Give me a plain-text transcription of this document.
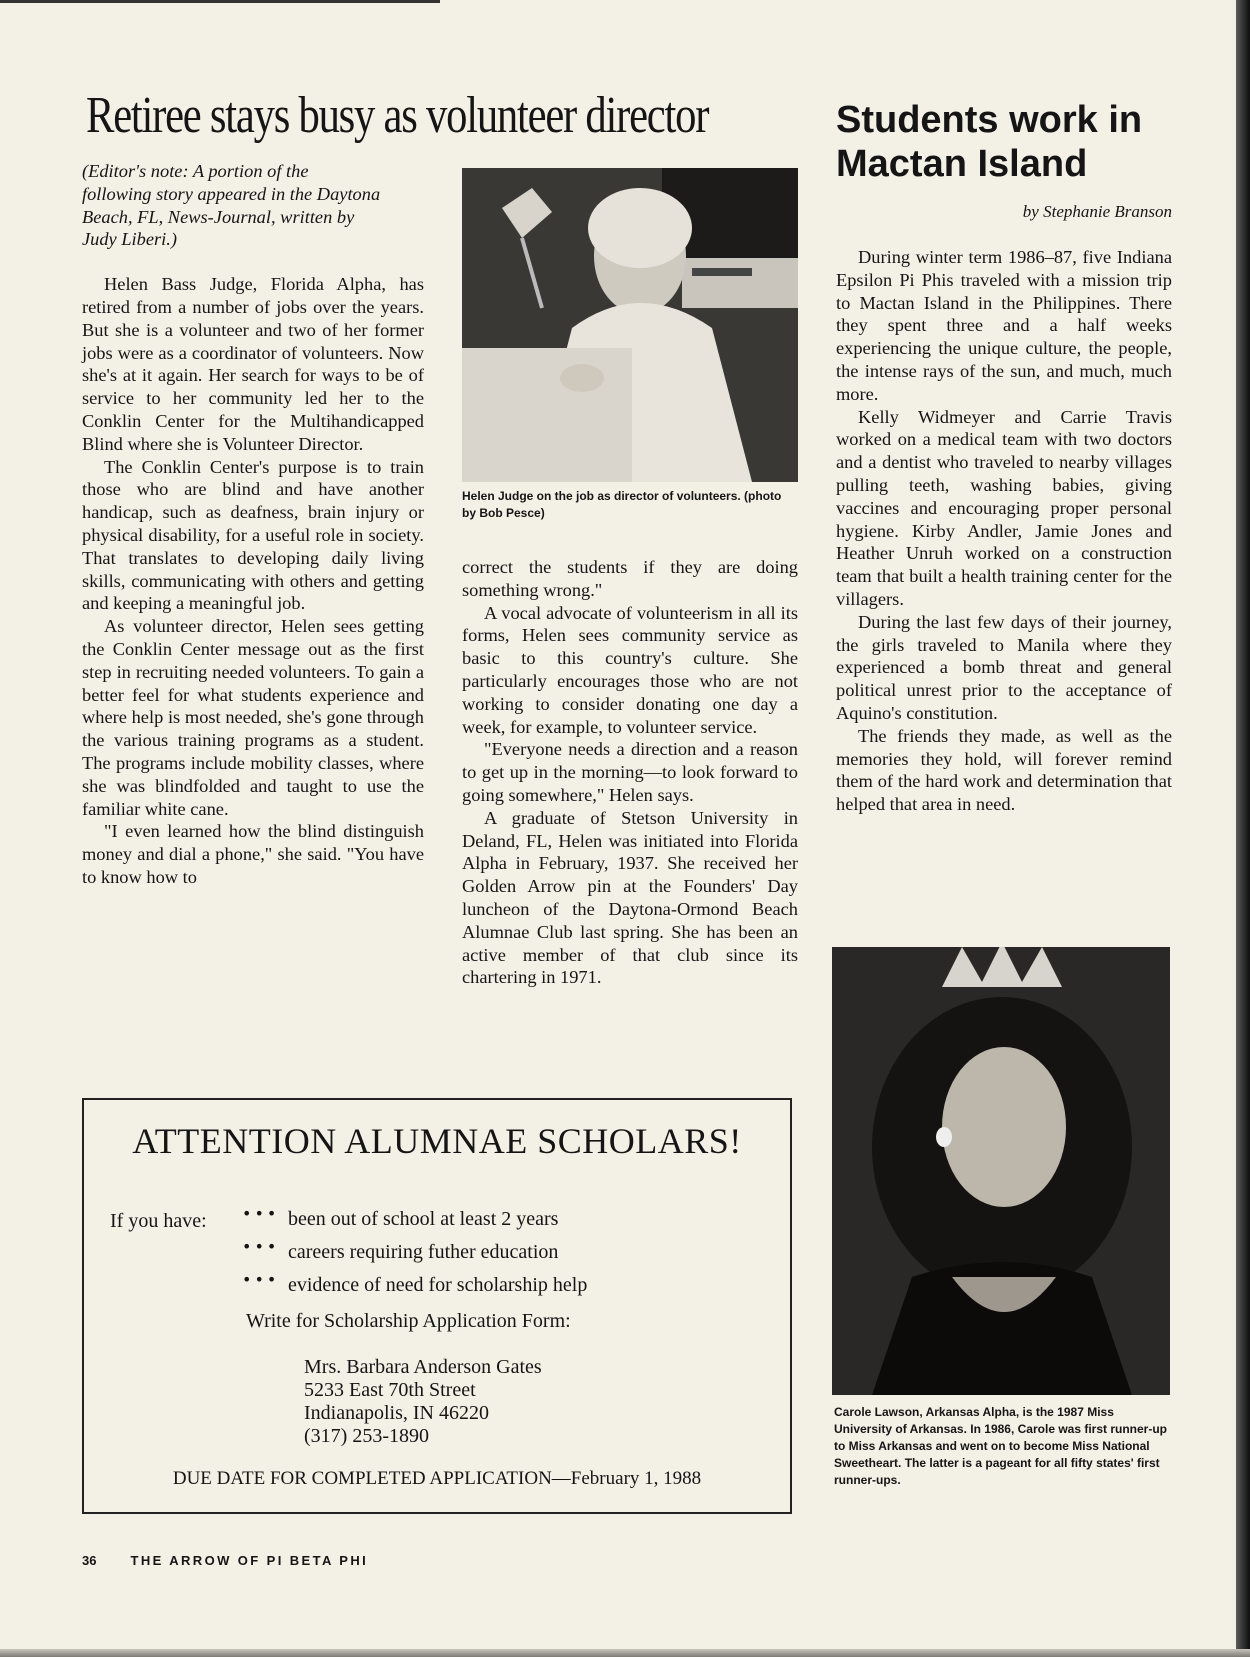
Retiree stays busy as volunteer director	Students work in Mactan Island
by Stephanie Branson

(Editor's note: A portion of the following story appeared in the Daytona Beach, FL, News-Journal, written by Judy Liberi.)

Helen Bass Judge, Florida Alpha, has retired from a number of jobs over the years. But she is a volunteer and two of her former jobs were as a coordinator of volunteers. Now she's at it again. Her search for ways to be of service to her community led her to the Conklin Center for the Multihandicapped Blind where she is Volunteer Director.

The Conklin Center's purpose is to train those who are blind and have another handicap, such as deafness, brain injury or physical disability, for a useful role in society. That translates to developing daily living skills, communicating with others and getting and keeping a meaningful job.

As volunteer director, Helen sees getting the Conklin Center message out as the first step in recruiting needed volunteers. To gain a better feel for what students experience and where help is most needed, she's gone through the various training programs as a student. The programs include mobility classes, where she was blindfolded and taught to use the familiar white cane.

"I even learned how the blind distinguish money and dial a phone," she said. "You have to know how to

Helen Judge on the job as director of volunteers. (photo by Bob Pesce)

correct the students if they are doing something wrong."

A vocal advocate of volunteerism in all its forms, Helen sees community service as basic to this country's culture. She particularly encourages those who are not working to consider donating one day a week, for example, to volunteer service.

"Everyone needs a direction and a reason to get up in the morning—to look forward to going somewhere," Helen says.

A graduate of Stetson University in Deland, FL, Helen was initiated into Florida Alpha in February, 1937. She received her Golden Arrow pin at the Founders' Day luncheon of the Daytona-Ormond Beach Alumnae Club last spring. She has been an active member of that club since its chartering in 1971.

During winter term 1986–87, five Indiana Epsilon Pi Phis traveled with a mission trip to Mactan Island in the Philippines. There they spent three and a half weeks experiencing the unique culture, the people, the intense rays of the sun, and much, much more.

Kelly Widmeyer and Carrie Travis worked on a medical team with two doctors and a dentist who traveled to nearby villages pulling teeth, washing babies, giving vaccines and encouraging proper personal hygiene. Kirby Andler, Jamie Jones and Heather Unruh worked on a construction team that built a health training center for the villagers.

During the last few days of their journey, the girls traveled to Manila where they experienced a bomb threat and general political unrest prior to the acceptance of Aquino's constitution.

The friends they made, as well as the memories they hold, will forever remind them of the hard work and determination that helped that area in need.

Carole Lawson, Arkansas Alpha, is the 1987 Miss University of Arkansas. In 1986, Carole was first runner-up to Miss Arkansas and went on to become Miss National Sweetheart. The latter is a pageant for all fifty states' first runner-ups.
ATTENTION ALUMNAE SCHOLARS!
If you have: ••• been out of school at least 2 years
••• careers requiring futher education
••• evidence of need for scholarship help
Write for Scholarship Application Form:
Mrs. Barbara Anderson Gates
5233 East 70th Street
Indianapolis, IN 46220
(317) 253-1890
DUE DATE FOR COMPLETED APPLICATION—February 1, 1988
36	THE ARROW OF PI BETA PHI
